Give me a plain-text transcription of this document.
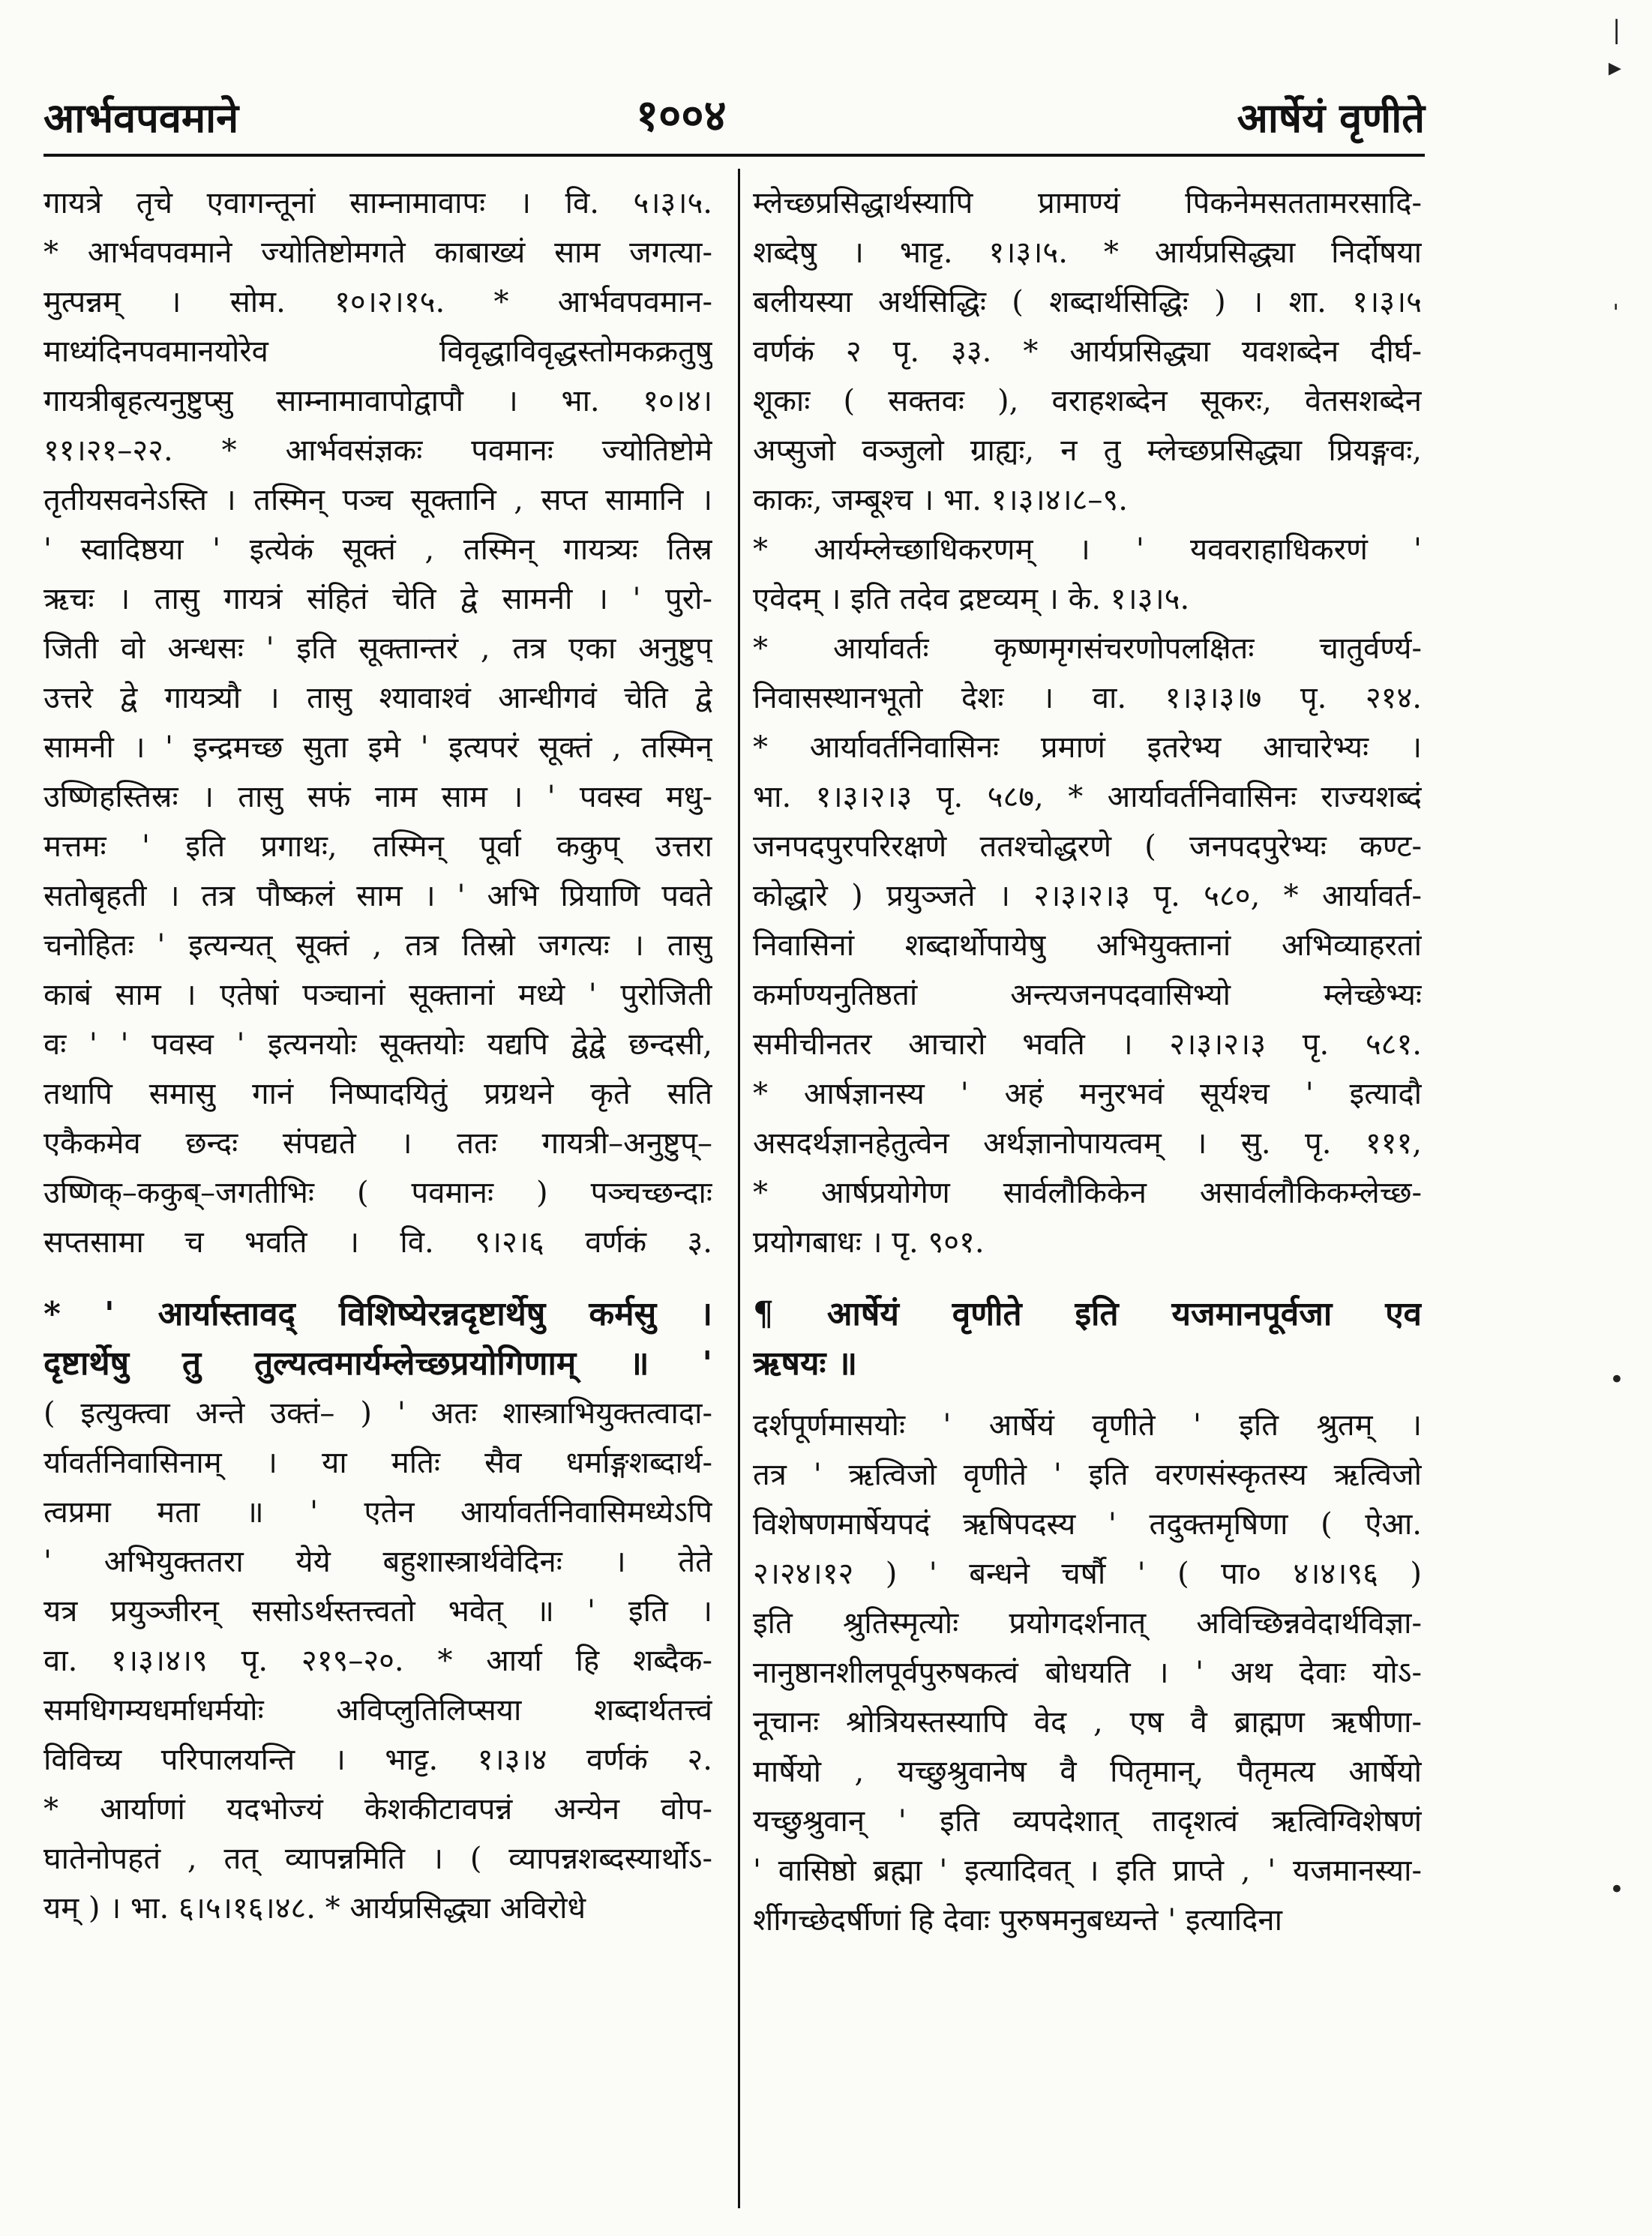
आर्भवपवमाने	१००४	आर्षेयं वृणीते
|
▸
ˈ
•
•
गायत्रे तृचे एवागन्तूनां साम्नामावापः । वि. ५।३।५.
* आर्भवपवमाने ज्योतिष्टोमगते काबाख्यं साम जगत्या-
मुत्पन्नम् । सोम. १०।२।१५. * आर्भवपवमान-
माध्यंदिनपवमानयोरेव विवृद्धाविवृद्धस्तोमकक्रतुषु
गायत्रीबृहत्यनुष्टुप्सु साम्नामावापोद्वापौ । भा. १०।४।
११।२१–२२. * आर्भवसंज्ञकः पवमानः ज्योतिष्टोमे
तृतीयसवनेऽस्ति । तस्मिन् पञ्च सूक्तानि , सप्त सामानि ।
' स्वादिष्ठया ' इत्येकं सूक्तं , तस्मिन् गायत्र्यः तिस्र
ऋचः । तासु गायत्रं संहितं चेति द्वे सामनी । ' पुरो-
जिती वो अन्धसः ' इति सूक्तान्तरं , तत्र एका अनुष्टुप्
उत्तरे द्वे गायत्र्यौ । तासु श्यावाश्वं आन्धीगवं चेति द्वे
सामनी । ' इन्द्रमच्छ सुता इमे ' इत्यपरं सूक्तं , तस्मिन्
उष्णिहस्तिस्रः । तासु सफं नाम साम । ' पवस्व मधु-
मत्तमः ' इति प्रगाथः, तस्मिन् पूर्वा ककुप् उत्तरा
सतोबृहती । तत्र पौष्कलं साम । ' अभि प्रियाणि पवते
चनोहितः ' इत्यन्यत् सूक्तं , तत्र तिस्रो जगत्यः । तासु
काबं साम । एतेषां पञ्चानां सूक्तानां मध्ये ' पुरोजिती
वः ' ' पवस्व ' इत्यनयोः सूक्तयोः यद्यपि द्वेद्वे छन्दसी,
तथापि समासु गानं निष्पादयितुं प्रग्रथने कृते सति
एकैकमेव छन्दः संपद्यते । ततः गायत्री–अनुष्टुप्–
उष्णिक्–ककुब्–जगतीभिः ( पवमानः ) पञ्चच्छन्दाः
सप्तसामा च भवति । वि. ९।२।६ वर्णकं ३.
* ' आर्यास्तावद् विशिष्येरन्नदृष्टार्थेषु कर्मसु ।
दृष्टार्थेषु तु तुल्यत्वमार्यम्लेच्छप्रयोगिणाम् ॥ '
( इत्युक्त्वा अन्ते उक्तं– ) ' अतः शास्त्राभियुक्तत्वादा-
र्यावर्तनिवासिनाम् । या मतिः सैव धर्माङ्गशब्दार्थ-
त्वप्रमा मता ॥ ' एतेन आर्यावर्तनिवासिमध्येऽपि
' अभियुक्ततरा येये बहुशास्त्रार्थवेदिनः । तेते
यत्र प्रयुञ्जीरन् ससोऽर्थस्तत्त्वतो भवेत् ॥ ' इति ।
वा. १।३।४।९ पृ. २१९–२०. * आर्या हि शब्दैक-
समधिगम्यधर्माधर्मयोः अविप्लुतिलिप्सया शब्दार्थतत्त्वं
विविच्य परिपालयन्ति । भाट्ट. १।३।४ वर्णकं २.
* आर्याणां यदभोज्यं केशकीटावपन्नं अन्येन वोप-
घातेनोपहतं , तत् व्यापन्नमिति । ( व्यापन्नशब्दस्यार्थोऽ-
यम् ) । भा. ६।५।१६।४८. * आर्यप्रसिद्ध्या अविरोधे
म्लेच्छप्रसिद्धार्थस्यापि प्रामाण्यं पिकनेमसततामरसादि-
शब्देषु । भाट्ट. १।३।५. * आर्यप्रसिद्ध्या निर्दोषया
बलीयस्या अर्थसिद्धिः ( शब्दार्थसिद्धिः ) । शा. १।३।५
वर्णकं २ पृ. ३३. * आर्यप्रसिद्ध्या यवशब्देन दीर्घ-
शूकाः ( सक्तवः ), वराहशब्देन सूकरः, वेतसशब्देन
अप्सुजो वञ्जुलो ग्राह्यः, न तु म्लेच्छप्रसिद्ध्या प्रियङ्गवः,
काकः, जम्बूश्च । भा. १।३।४।८–९.
* आर्यम्लेच्छाधिकरणम् । ' यववराहाधिकरणं '
एवेदम् । इति तदेव द्रष्टव्यम् । के. १।३।५.
* आर्यावर्तः कृष्णमृगसंचरणोपलक्षितः चातुर्वर्ण्य-
निवासस्थानभूतो देशः । वा. १।३।३।७ पृ. २१४.
* आर्यावर्तनिवासिनः प्रमाणं इतरेभ्य आचारेभ्यः ।
भा. १।३।२।३ पृ. ५८७, * आर्यावर्तनिवासिनः राज्यशब्दं
जनपदपुरपरिरक्षणे ततश्चोद्धरणे ( जनपदपुरेभ्यः कण्ट-
कोद्धारे ) प्रयुञ्जते । २।३।२।३ पृ. ५८०, * आर्यावर्त-
निवासिनां शब्दार्थोपायेषु अभियुक्तानां अभिव्याहरतां
कर्माण्यनुतिष्ठतां अन्त्यजनपदवासिभ्यो म्लेच्छेभ्यः
समीचीनतर आचारो भवति । २।३।२।३ पृ. ५८१.
* आर्षज्ञानस्य ' अहं मनुरभवं सूर्यश्च ' इत्यादौ
असदर्थज्ञानहेतुत्वेन अर्थज्ञानोपायत्वम् । सु. पृ. १११,
* आर्षप्रयोगेण सार्वलौकिकेन असार्वलौकिकम्लेच्छ-
प्रयोगबाधः । पृ. ९०१.
¶ आर्षेयं वृणीते इति यजमानपूर्वजा एव
ऋषयः ॥
दर्शपूर्णमासयोः ' आर्षेयं वृणीते ' इति श्रुतम् ।
तत्र ' ऋत्विजो वृणीते ' इति वरणसंस्कृतस्य ऋत्विजो
विशेषणमार्षेयपदं ऋषिपदस्य ' तदुक्तमृषिणा ( ऐआ.
२।२४।१२ ) ' बन्धने चर्षौ ' ( पा० ४।४।९६ )
इति श्रुतिस्मृत्योः प्रयोगदर्शनात् अविच्छिन्नवेदार्थविज्ञा-
नानुष्ठानशीलपूर्वपुरुषकत्वं बोधयति । ' अथ देवाः योऽ-
नूचानः श्रोत्रियस्तस्यापि वेद , एष वै ब्राह्मण ऋषीणा-
मार्षेयो , यच्छुश्रुवानेष वै पितृमान्, पैतृमत्य आर्षेयो
यच्छुश्रुवान् ' इति व्यपदेशात् तादृशत्वं ऋत्विग्विशेषणं
' वासिष्ठो ब्रह्मा ' इत्यादिवत् । इति प्राप्ते , ' यजमानस्या-
र्शीगच्छेदर्षीणां हि देवाः पुरुषमनुबध्यन्ते ' इत्यादिना
